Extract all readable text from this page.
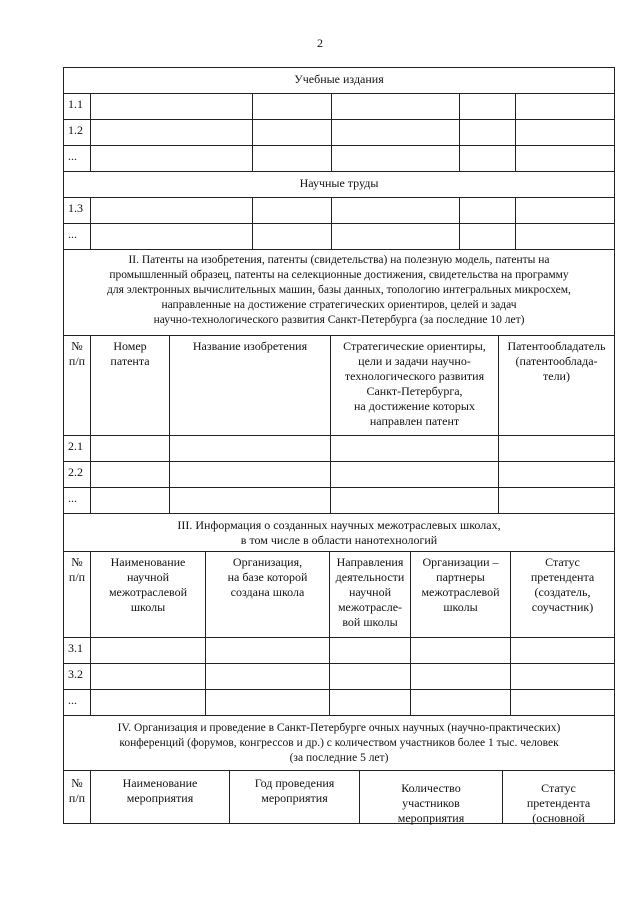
2
Учебные издания
1.1
1.2
...
Научные труды
1.3
...
II. Патенты на изобретения, патенты (свидетельства) на полезную модель, патенты на
промышленный образец, патенты на селекционные достижения, свидетельства на программу
для электронных вычислительных машин, базы данных, топологию интегральных микросхем,
направленные на достижение стратегических ориентиров, целей и задач
научно-технологического развития Санкт-Петербурга (за последние 10 лет)
№
п/п
Номер
патента
Название изобретения	Стратегические ориентиры,
цели и задачи научно-
технологического развития
Санкт-Петербурга,
на достижение которых
направлен патент
Патентообладатель
(патентооблада-
тели)
2.1
2.2
...
III. Информация о созданных научных межотраслевых школах,
в том числе в области нанотехнологий
№
п/п
Наименование
научной
межотраслевой
школы
Организация,
на базе которой
создана школа
Направления
деятельности
научной
межотрасле-
вой школы
Организации –
партнеры
межотраслевой
школы
Статус
претендента
(создатель,
соучастник)
3.1
3.2
...
IV. Организация и проведение в Санкт-Петербурге очных научных (научно-практических)
конференций (форумов, конгрессов и др.) с количеством участников более 1 тыс. человек
(за последние 5 лет)
№
п/п
Наименование
мероприятия
Год проведения
мероприятия
Количество
участников
мероприятия
Статус
претендента
(основной
